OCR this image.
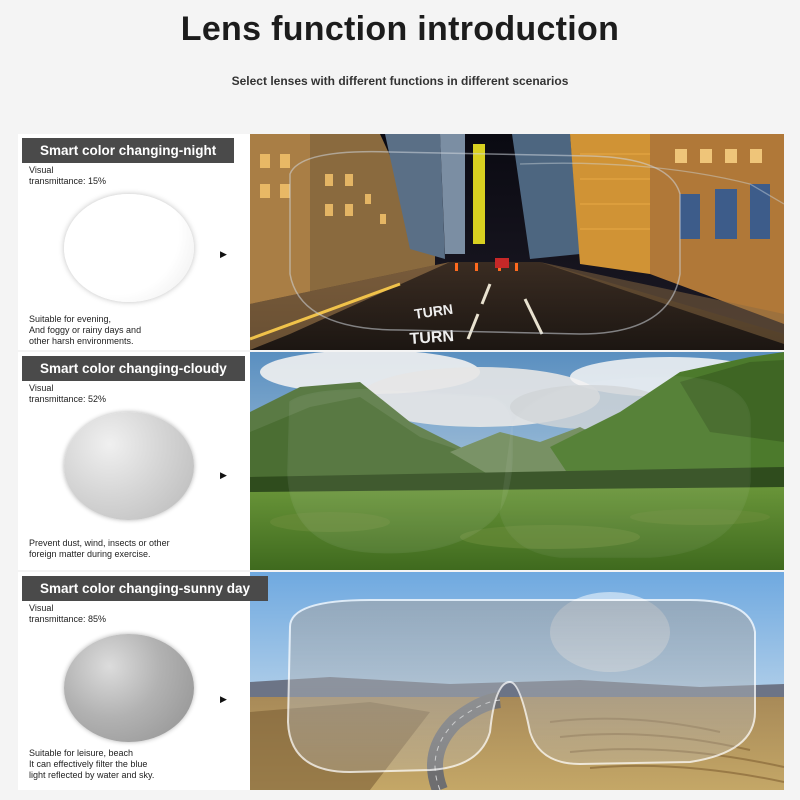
Lens function introduction
Select lenses with different functions in different scenarios
Smart color changing-night
Visual
transmittance: 15%
▶
Suitable for evening,
And foggy or rainy days and
other harsh environments.
TURN
TURN
Smart color changing-cloudy
Visual
transmittance: 52%
▶
Prevent dust, wind, insects or other
foreign matter during exercise.
Smart color changing-sunny day
Visual
transmittance: 85%
▶
Suitable for leisure, beach
It can effectively filter the blue
light reflected by water and sky.
